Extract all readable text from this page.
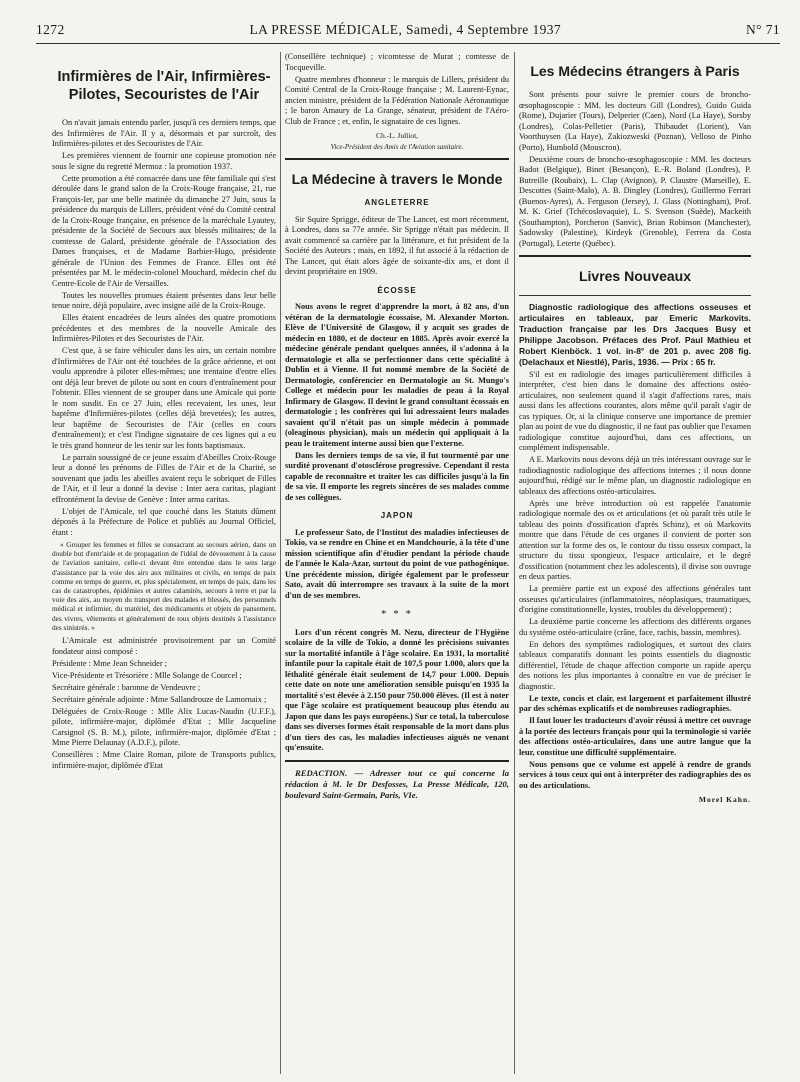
1272	LA PRESSE MÉDICALE, Samedi, 4 Septembre 1937	N° 71
Infirmières de l'Air, Infirmières-Pilotes, Secouristes de l'Air

On n'avait jamais entendu parler, jusqu'à ces derniers temps, que des Infirmières de l'Air. Il y a, désormais et par surcroît, des Infirmières-pilotes et des Secouristes de l'Air.

Les premières viennent de fournir une copieuse promotion née sous le signe du regretté Mermoz : la promotion 1937.

Cette promotion a été consacrée dans une fête familiale qui s'est déroulée dans le grand salon de la Croix-Rouge française, 21, rue François-Ier, par une belle matinée du dimanche 27 Juin, sous la présidence du marquis de Lillers, président véné du Comité central de la Croix-Rouge française, en présence de la maréchale Lyautey, présidente de la Société de Secours aux blessés militaires; de la comtesse de Galard, présidente générale de l'Association des Dames françaises, et de Madame Barbier-Hugo, présidente générale de l'Union des Femmes de France. Elles ont été présentées par M. le médecin-colonel Mouchard, médecin chef du Centre-Ecole de l'Air de Versailles.

Toutes les nouvelles promues étaient présentes dans leur belle tenue noire, déjà populaire, avec insigne ailé de la Croix-Rouge.

Elles étaient encadrées de leurs aînées des quatre promotions précédentes et des membres de la nouvelle Amicale des Infirmières-Pilotes et des Secouristes de l'Air.

C'est que, à se faire véhiculer dans les airs, un certain nombre d'Infirmières de l'Air ont été touchées de la grâce aérienne, et ont voulu apprendre à piloter elles-mêmes; une trentaine d'entre elles ont déjà leur brevet de pilote ou sont en cours d'entraînement pour l'obtenir. Elles viennent de se grouper dans une Amicale qui porte le nom susdit. En ce 27 Juin, elles recevaient, les unes, leur baptême d'Infirmières-pilotes (celles déjà brevetées); les autres, leur baptême de Secouristes de l'Air (celles en cours d'entraînement); et c'est l'indigne signataire de ces lignes qui a eu le très grand honneur de les tenir sur les fonts baptismaux.

Le parrain soussigné de ce jeune essaim d'Abeilles Croix-Rouge leur a donné les prénoms de Filles de l'Air et de la Charité, se souvenant que jadis les abeilles avaient reçu le sobriquet de Filles de l'Air, et il leur a donné la devise : Inter aera caritas, plagiant effrontément la devise de Genève : Inter arma caritas.

L'objet de l'Amicale, tel que couché dans les Statuts dûment déposés à la Préfecture de Police et publiés au Journal Officiel, étant :

« Grouper les femmes et filles se consacrant au secours aérien, dans un double but d'entr'aide et de propagation de l'idéal de dévouement à la cause de l'aviation sanitaire, celle-ci devant être entendue dans le sens large d'assistance par la voie des airs aux militaires et civils, en temps de paix comme en temps de guerre, et, plus spécialement, en temps de paix, dans les cas de catastrophes, épidémies et autres calamités, secours à terre et par la voie des airs, au moyen du transport des malades et blessés, des personnels médical et infirmier, du matériel, des médicaments et objets de pansement, des vivres, vêtements et généralement de tous objets destinés à l'assistance des sinistrés. »

L'Amicale est administrée provisoirement par un Comité fondateur ainsi composé :

Présidente : Mme Jean Schneider ;

Vice-Présidente et Trésorière : Mlle Solange de Courcel ;

Secrétaire générale : baronne de Vendeuvre ;

Secrétaire générale adjointe : Mme Sallandrouze de Lamornaix ;

Déléguées de Croix-Rouge : Mlle Alix Lucas-Naudin (U.F.F.), pilote, infirmière-major, diplômée d'Etat ; Mlle Jacqueline Carsignol (S. B. M.), pilote, infirmière-major, diplômée d'Etat ; Mme Pierre Delaunay (A.D.F.), pilote.

Conseillères : Mme Claire Roman, pilote de Transports publics, infirmière-major, diplômée d'Etat

(Conseillère technique) ; vicomtesse de Murat ; comtesse de Tocqueville.

Quatre membres d'honneur : le marquis de Lillers, président du Comité Central de la Croix-Rouge française ; M. Laurent-Eynac, ancien ministre, président de la Fédération Nationale Aéronautique ; le baron Amaury de La Grange, sénateur, président de l'Aéro-Club de France ; et, enfin, le signataire de ces lignes.

Ch.-L. Julliot,
Vice-Président des Amis de l'Aviation sanitaire.
La Médecine à travers le Monde
ANGLETERRE

Sir Squire Sprigge, éditeur de The Lancet, est mort récemment, à Londres, dans sa 77e année. Sir Sprigge n'était pas médecin. Il avait commencé sa carrière par la littérature, et fut président de la Société des Auteurs ; mais, en 1892, il fut associé à la rédaction de The Lancet, qui était alors âgée de soixante-dix ans, et dont il devint propriétaire en 1909.

ÉCOSSE

Nous avons le regret d'apprendre la mort, à 82 ans, d'un vétéran de la dermatologie écossaise, M. Alexander Morton. Elève de l'Université de Glasgow, il y acquit ses grades de médecin en 1880, et de docteur en 1885. Après avoir exercé la médecine générale pendant quelques années, il s'adonna à la dermatologie et alla se perfectionner dans cette spécialité à Dublin et à Vienne. Il fut nommé membre de la Société de Dermatologie, conférencier en Dermatologie au St. Mungo's College et médecin pour les maladies de peau à la Royal Infirmary de Glasgow. Il devint le grand consultant écossais en dermatologie ; les confrères qui lui adressaient leurs malades savaient qu'il n'était pas un simple médecin à pommade (oleaginous physician), mais un médecin qui appliquait à la peau le traitement interne aussi bien que l'externe.

Dans les derniers temps de sa vie, il fut tourmenté par une surdité provenant d'otosclérose progressive. Cependant il resta capable de reconnaître et traiter les cas difficiles jusqu'à la fin de sa vie. Il emporte les regrets sincères de ses malades comme de ses collègues.

JAPON

Le professeur Sato, de l'Institut des maladies infectieuses de Tokio, va se rendre en Chine et en Mandchourie, à la tête d'une mission scientifique afin d'étudier pendant la période chaude de l'année le Kala-Azar, surtout du point de vue pathogénique. Une précédente mission, dirigée également par le professeur Sato, avait dû interrompre ses travaux à la suite de la mort d'un de ses membres.

* * *

Lors d'un récent congrès M. Nezu, directeur de l'Hygiène scolaire de la ville de Tokio, a donné les précisions suivantes sur la mortalité infantile à l'âge scolaire. En 1931, la mortalité infantile pour la capitale était de 107,5 pour 1.000, alors que la léthalité générale était seulement de 14,7 pour 1.000. Depuis cette date on note une amélioration sensible puisqu'en 1935 la mortalité s'est élevée à 2.150 pour 750.000 élèves. (Il est à noter que l'âge scolaire est pratiquement beaucoup plus étendu au Japon que dans les pays européens.) Sur ce total, la tuberculose dans ses diverses formes était responsable de la mort dans plus d'un tiers des cas, les maladies infectieuses aiguës ne venant qu'ensuite.

REDACTION. — Adresser tout ce qui concerne la rédaction à M. le Dr Desfosses, La Presse Médicale, 120, boulevard Saint-Germain, Paris, VIe.

Les Médecins étrangers à Paris

Sont présents pour suivre le premier cours de broncho-œsophagoscopie : MM. les docteurs Gill (Londres), Guido Guida (Rome), Dujarier (Tours), Delperier (Caen), Nord (La Haye), Sorsby (Londres), Colas-Pelletier (Paris), Thibaudet (Lorient), Van Voorthuysen (La Haye), Zakiozweski (Poznan), Velloso de Pinho (Porto), Humbold (Mouscron).

Deuxième cours de broncho-œsophagoscopie : MM. les docteurs Badot (Belgique), Binet (Besançon), E.-R. Boland (Londres), P. Butreille (Roubaix), L. Clap (Avignon), P. Claustre (Marseille), E. Descottes (Saint-Malo), A. B. Dingley (Londres), Guillermo Ferrari (Buenos-Ayres), A. Ferguson (Jersey), J. Glass (Nottingham), Prof. M. K. Grief (Tchécoslovaquie), L. S. Svenson (Suède), Mackeith (Southampton), Porcheron (Sanvic), Brian Robinson (Manchester), Sadowsky (Palestine), Kirdeyk (Grenoble), Ferrera da Costa (Portugal), Leterte (Québec).

Livres Nouveaux

Diagnostic radiologique des affections osseuses et articulaires en tableaux, par Emeric Markovits. Traduction française par les Drs Jacques Busy et Philippe Jacobson. Préfaces des Prof. Paul Mathieu et Robert Kienböck. 1 vol. in-8° de 201 p. avec 208 fig. (Delachaux et Niestlé), Paris, 1936. — Prix : 65 fr.

S'il est en radiologie des images particulièrement difficiles à interpréter, c'est bien dans le domaine des affections ostéo-articulaires, non seulement quand il s'agit d'affections rares, mais aussi dans les affections courantes, alors même qu'il paraît s'agir de cas typiques. Or, si la clinique conserve une importance de premier plan au point de vue du diagnostic, il ne faut pas oublier que l'examen radiologique constitue aujourd'hui, dans ces affections, un complément indispensable.

A E. Markovits nous devons déjà un très intéressant ouvrage sur le radiodiagnostic radiologique des affections internes ; il nous donne aujourd'hui, rédigé sur le même plan, un diagnostic radiologique en tableaux des affections ostéo-articulaires.

Après une brève introduction où est rappelée l'anatomie radiologique normale des os et articulations (et où paraît très utile le tableau des points d'ossification d'après Schinz), et où Markovits montre que dans l'étude de ces organes il convient de porter son attention sur la forme des os, le contour du tissu osseux compact, la structure du tissu spongieux, l'espace articulaire, et le degré d'ossification (notamment chez les adolescents), il divise son ouvrage en deux parties.

La première partie est un exposé des affections générales tant osseuses qu'articulaires (inflammatoires, néoplasiques, traumatiques, d'origine constitutionnelle, kystes, troubles du développement) ;

La deuxième partie concerne les affections des différents organes du système ostéo-articulaire (crâne, face, rachis, bassin, membres).

En dehors des symptômes radiologiques, et surtout des clairs tableaux comparatifs donnant les points essentiels du diagnostic différentiel, l'étude de chaque affection comporte un rapide aperçu des notions les plus importantes à connaître en vue de préciser le diagnostic.

Le texte, concis et clair, est largement et parfaitement illustré par des schémas explicatifs et de nombreuses radiographies.

Il faut louer les traducteurs d'avoir réussi à mettre cet ouvrage à la portée des lecteurs français pour qui la terminologie si variée des affections ostéo-articulaires, dans une autre langue que la leur, constitue une difficulté supplémentaire.

Nous pensons que ce volume est appelé à rendre de grands services à tous ceux qui ont à interpréter des radiographies des os ou des articulations.

Morel Kahn.
